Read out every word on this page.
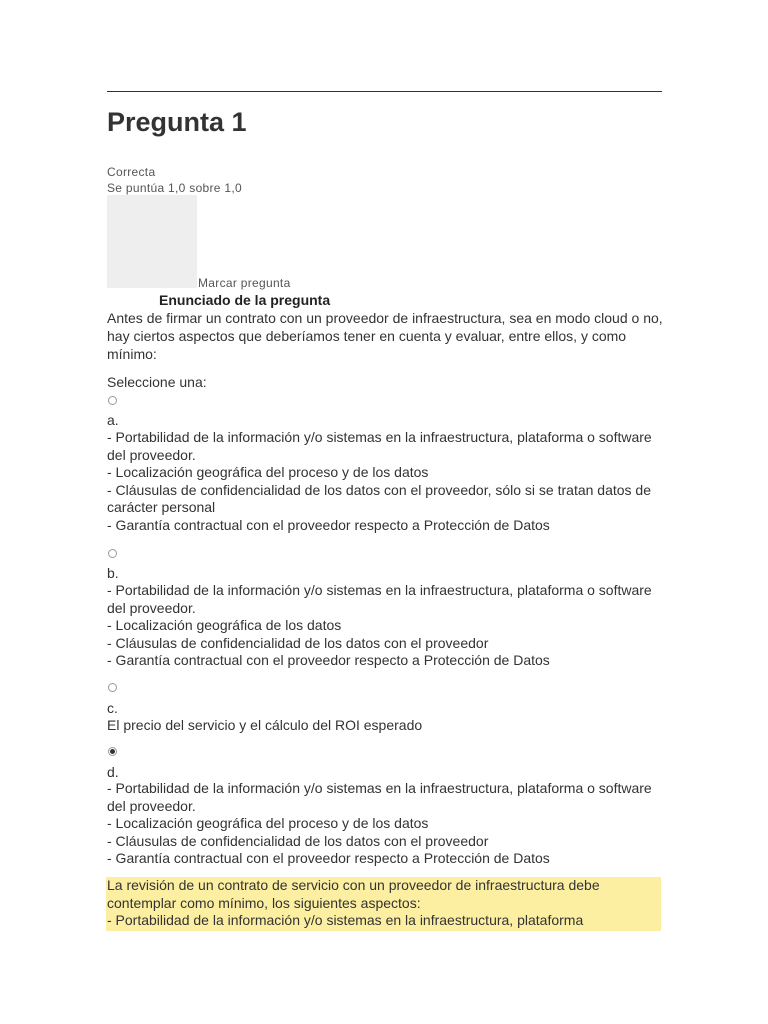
Pregunta 1
Correcta
Se puntúa 1,0 sobre 1,0
Marcar pregunta
Enunciado de la pregunta
Antes de firmar un contrato con un proveedor de infraestructura, sea en modo cloud o no, hay ciertos aspectos que deberíamos tener en cuenta y evaluar, entre ellos, y como mínimo:
Seleccione una:
a.
- Portabilidad de la información y/o sistemas en la infraestructura, plataforma o software del proveedor.
- Localización geográfica del proceso y de los datos
- Cláusulas de confidencialidad de los datos con el proveedor, sólo si se tratan datos de carácter personal
- Garantía contractual con el proveedor respecto a Protección de Datos
b.
- Portabilidad de la información y/o sistemas en la infraestructura, plataforma o software del proveedor.
- Localización geográfica de los datos
- Cláusulas de confidencialidad de los datos con el proveedor
- Garantía contractual con el proveedor respecto a Protección de Datos
c.
El precio del servicio y el cálculo del ROI esperado
d.
- Portabilidad de la información y/o sistemas en la infraestructura, plataforma o software del proveedor.
- Localización geográfica del proceso y de los datos
- Cláusulas de confidencialidad de los datos con el proveedor
- Garantía contractual con el proveedor respecto a Protección de Datos
La revisión de un contrato de servicio con un proveedor de infraestructura debe contemplar como mínimo, los siguientes aspectos:
- Portabilidad de la información y/o sistemas en la infraestructura, plataforma
